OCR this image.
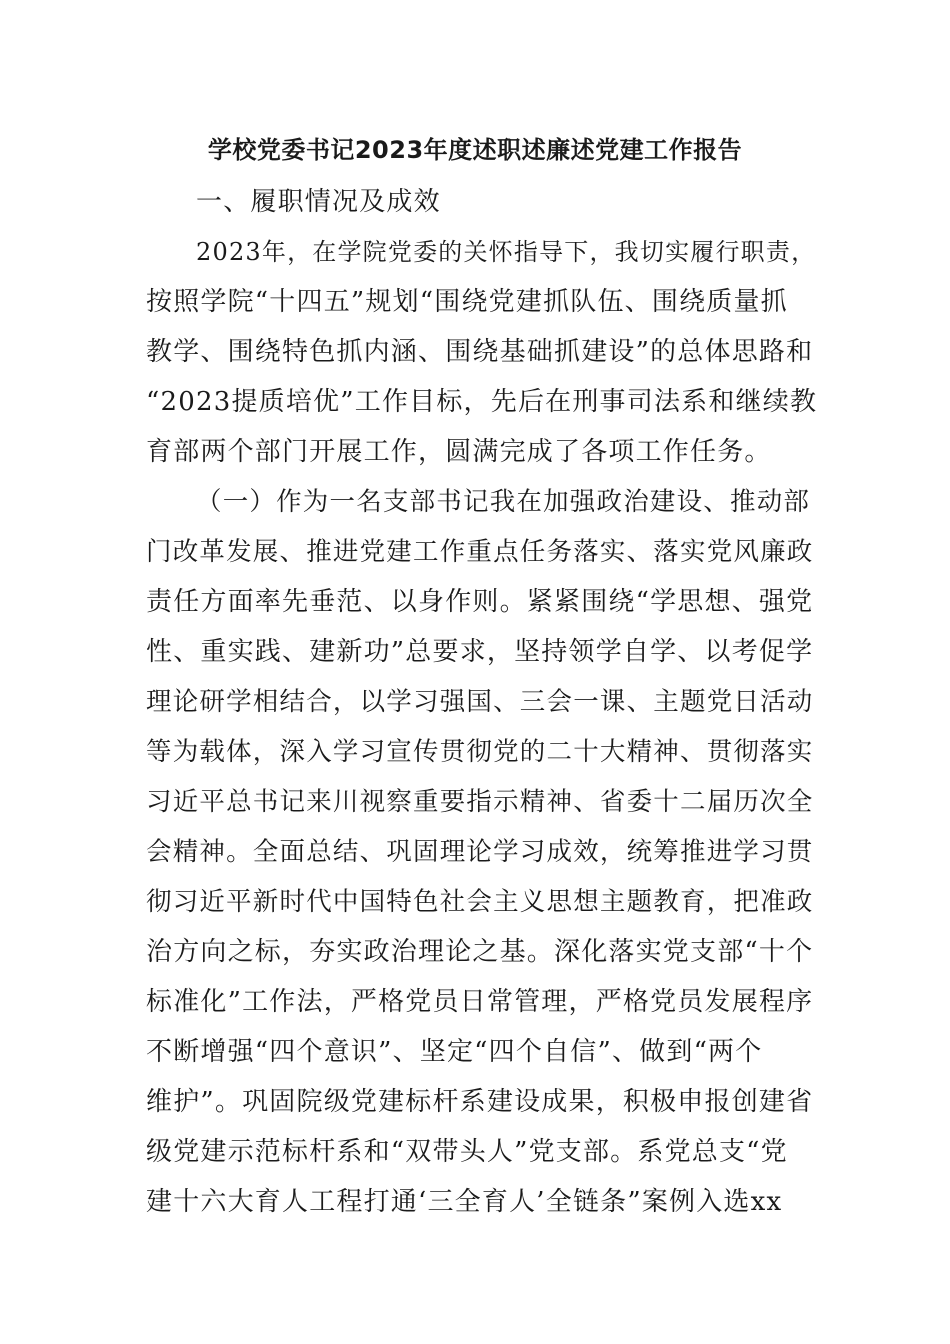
学校党委书记2023年度述职述廉述党建工作报告
一、履职情况及成效
2023年，在学院党委的关怀指导下，我切实履行职责，
按照学院“十四五”规划“围绕党建抓队伍、围绕质量抓
教学、围绕特色抓内涵、围绕基础抓建设”的总体思路和
“2023提质培优”工作目标，先后在刑事司法系和继续教
育部两个部门开展工作，圆满完成了各项工作任务。
（一）作为一名支部书记我在加强政治建设、推动部
门改革发展、推进党建工作重点任务落实、落实党风廉政
责任方面率先垂范、以身作则。紧紧围绕“学思想、强党
性、重实践、建新功”总要求，坚持领学自学、以考促学
理论研学相结合，以学习强国、三会一课、主题党日活动
等为载体，深入学习宣传贯彻党的二十大精神、贯彻落实
习近平总书记来川视察重要指示精神、省委十二届历次全
会精神。全面总结、巩固理论学习成效，统筹推进学习贯
彻习近平新时代中国特色社会主义思想主题教育，把准政
治方向之标，夯实政治理论之基。深化落实党支部“十个
标准化”工作法，严格党员日常管理，严格党员发展程序
不断增强“四个意识”、坚定“四个自信”、做到“两个
维护”。巩固院级党建标杆系建设成果，积极申报创建省
级党建示范标杆系和“双带头人”党支部。系党总支“党
建十六大育人工程打通‘三全育人’全链条”案例入选xx
